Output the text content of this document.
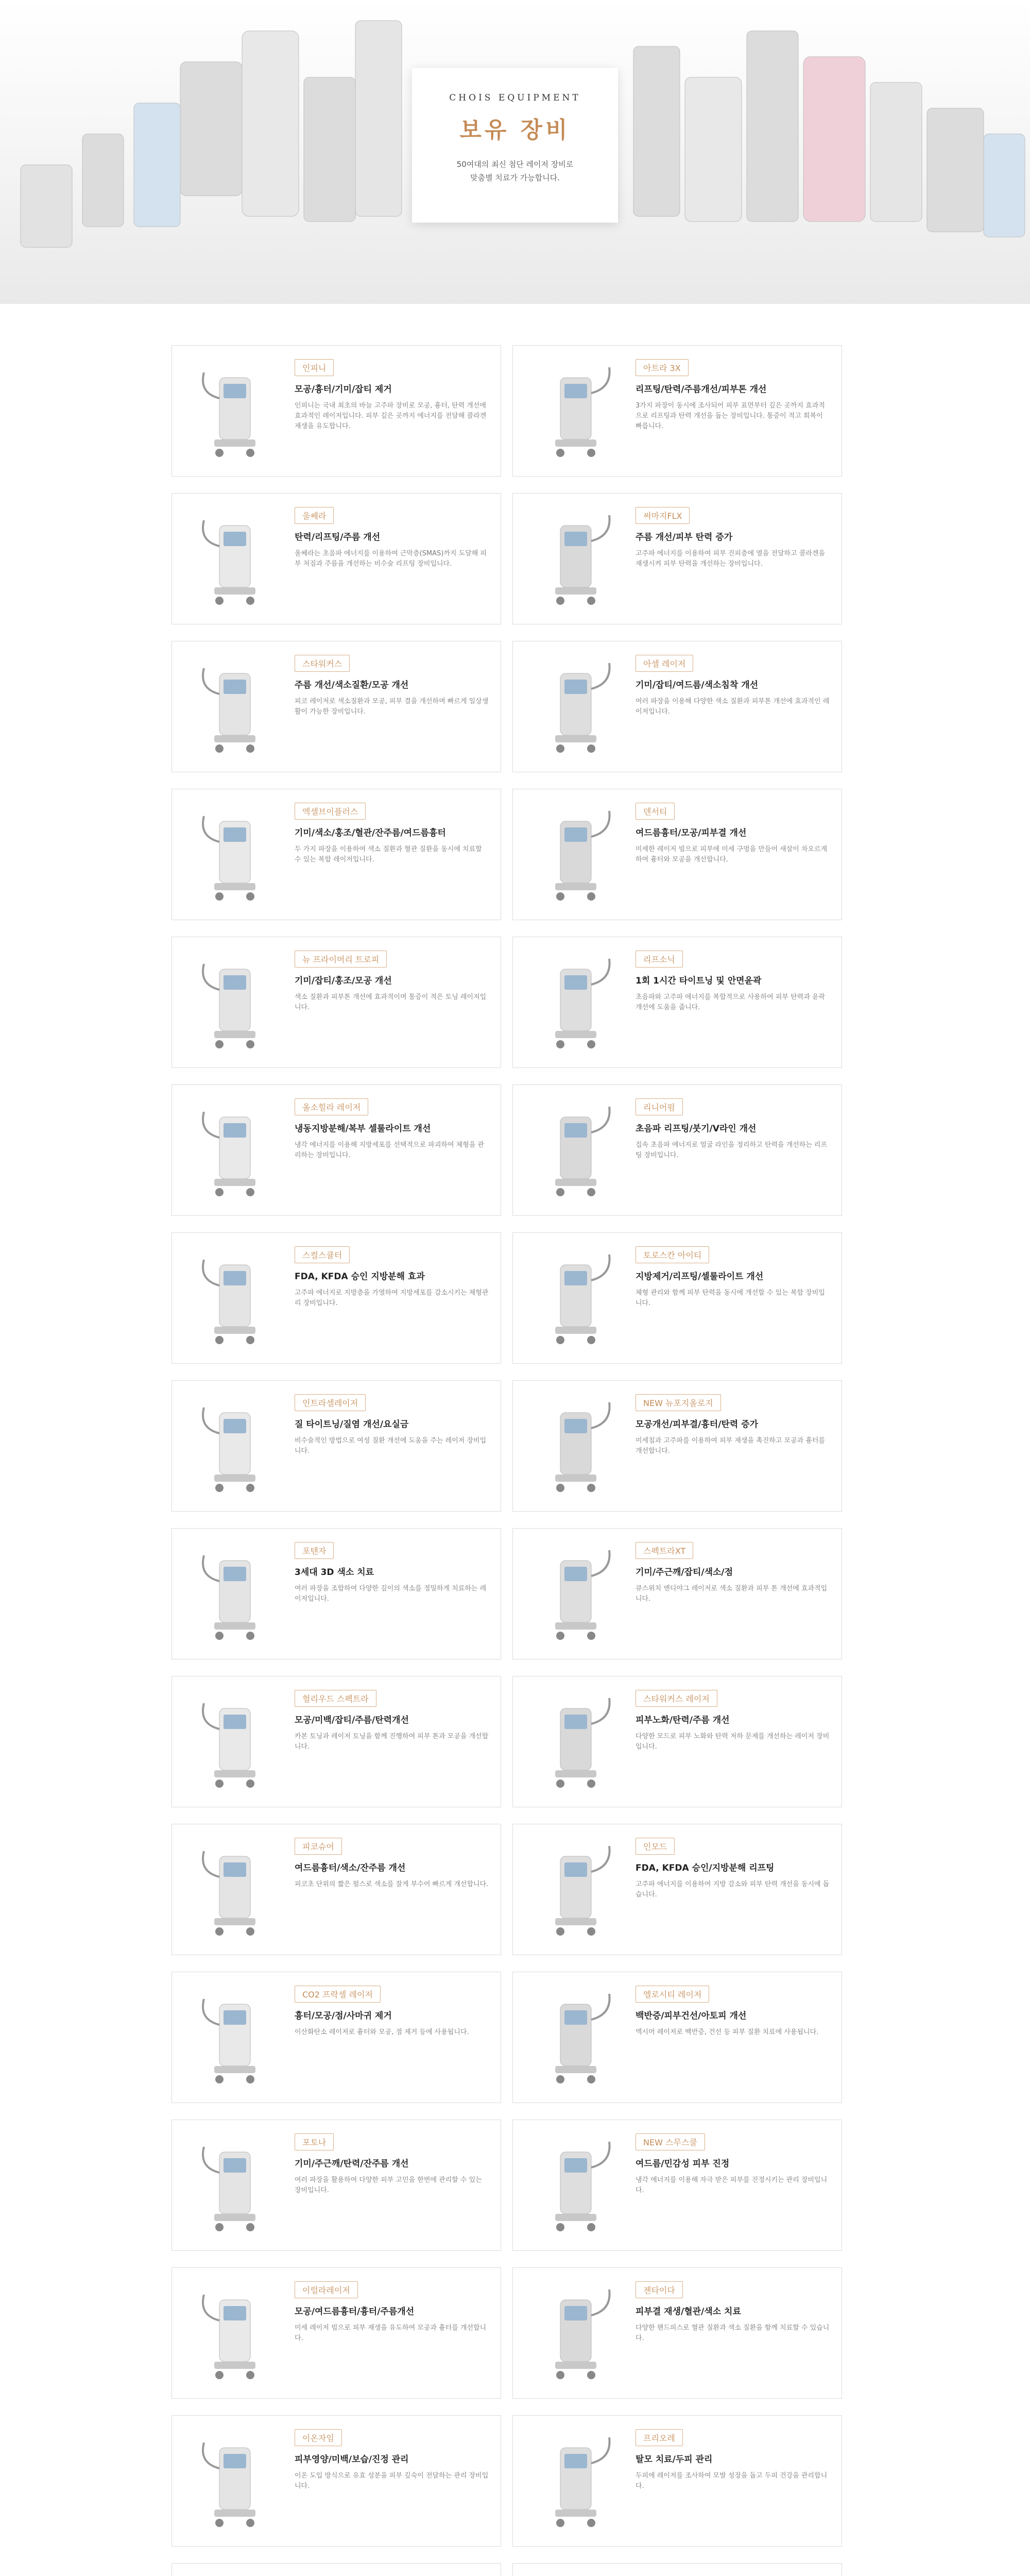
CHOIS EQUIPMENT
보유 장비
50여대의 최신 첨단 레이저 장비로
맞춤별 치료가 가능합니다.
인피니
모공/흉터/기미/잡티 제거
인피니는 국내 최초의 바늘 고주파 장비로 모공, 흉터, 탄력 개선에 효과적인 레이저입니다. 피부 깊은 곳까지 에너지를 전달해 콜라겐 재생을 유도합니다.
아트라 3X
리프팅/탄력/주름개선/피부톤 개선
3가지 파장이 동시에 조사되어 피부 표면부터 깊은 곳까지 효과적으로 리프팅과 탄력 개선을 돕는 장비입니다. 통증이 적고 회복이 빠릅니다.
울쎄라
탄력/리프팅/주름 개선
울쎄라는 초음파 에너지를 이용하여 근막층(SMAS)까지 도달해 피부 처짐과 주름을 개선하는 비수술 리프팅 장비입니다.
써마지FLX
주름 개선/피부 탄력 증가
고주파 에너지를 이용하여 피부 진피층에 열을 전달하고 콜라겐을 재생시켜 피부 탄력을 개선하는 장비입니다.
스타워커스
주름 개선/색소질환/모공 개선
피코 레이저로 색소질환과 모공, 피부 결을 개선하며 빠르게 일상생활이 가능한 장비입니다.
아셀 레이저
기미/잡티/여드름/색소침착 개선
여러 파장을 이용해 다양한 색소 질환과 피부톤 개선에 효과적인 레이저입니다.
엑셀브이플러스
기미/색소/홍조/혈관/잔주름/여드름흉터
두 가지 파장을 이용하여 색소 질환과 혈관 질환을 동시에 치료할 수 있는 복합 레이저입니다.
덴서티
여드름흉터/모공/피부결 개선
미세한 레이저 빔으로 피부에 미세 구멍을 만들어 새살이 차오르게 하여 흉터와 모공을 개선합니다.
뉴 프라이머리 트로피
기미/잡티/홍조/모공 개선
색소 질환과 피부톤 개선에 효과적이며 통증이 적은 토닝 레이저입니다.
리프소닉
1회 1시간 타이트닝 및 안면윤곽
초음파와 고주파 에너지를 복합적으로 사용하여 피부 탄력과 윤곽 개선에 도움을 줍니다.
올소힐라 레이저
냉동지방분해/복부 셀룰라이트 개선
냉각 에너지를 이용해 지방세포를 선택적으로 파괴하여 체형을 관리하는 장비입니다.
리니어펌
초음파 리프팅/붓기/V라인 개선
집속 초음파 에너지로 얼굴 라인을 정리하고 탄력을 개선하는 리프팅 장비입니다.
스컬스큘터
FDA, KFDA 승인 지방분해 효과
고주파 에너지로 지방층을 가열하여 지방세포를 감소시키는 체형관리 장비입니다.
토로스칸 아이티
지방제거/리프팅/셀룰라이트 개선
체형 관리와 함께 피부 탄력을 동시에 개선할 수 있는 복합 장비입니다.
인트라셀레이저
질 타이트닝/질염 개선/요실금
비수술적인 방법으로 여성 질환 개선에 도움을 주는 레이저 장비입니다.
NEW 뉴포지올로지
모공개선/피부결/흉터/탄력 증가
미세침과 고주파를 이용하여 피부 재생을 촉진하고 모공과 흉터를 개선합니다.
포텐자
3세대 3D 색소 치료
여러 파장을 조합하여 다양한 깊이의 색소를 정밀하게 치료하는 레이저입니다.
스펙트라XT
기미/주근깨/잡티/색소/점
큐스위치 엔디야그 레이저로 색소 질환과 피부 톤 개선에 효과적입니다.
헐리우드 스펙트라
모공/미백/잡티/주름/탄력개선
카본 토닝과 레이저 토닝을 함께 진행하여 피부 톤과 모공을 개선합니다.
스타워커스 레이저
피부노화/탄력/주름 개선
다양한 모드로 피부 노화와 탄력 저하 문제를 개선하는 레이저 장비입니다.
피코슈어
여드름흉터/색소/잔주름 개선
피코초 단위의 짧은 펄스로 색소를 잘게 부수어 빠르게 개선합니다.
인모드
FDA, KFDA 승인/지방분해 리프팅
고주파 에너지를 이용하여 지방 감소와 피부 탄력 개선을 동시에 돕습니다.
CO2 프락셀 레이저
흉터/모공/점/사마귀 제거
이산화탄소 레이저로 흉터와 모공, 점 제거 등에 사용됩니다.
엘로시티 레이저
백반증/피부건선/아토피 개선
엑시머 레이저로 백반증, 건선 등 피부 질환 치료에 사용됩니다.
포토나
기미/주근깨/탄력/잔주름 개선
여러 파장을 활용하여 다양한 피부 고민을 한번에 관리할 수 있는 장비입니다.
NEW 스무스쿨
여드름/민감성 피부 진정
냉각 에너지를 이용해 자극 받은 피부를 진정시키는 관리 장비입니다.
이럴라레이저
모공/여드름흉터/흉터/주름개선
미세 레이저 빔으로 피부 재생을 유도하여 모공과 흉터를 개선합니다.
젠타이다
피부결 재생/혈관/색소 치료
다양한 핸드피스로 혈관 질환과 색소 질환을 함께 치료할 수 있습니다.
이온자임
피부영양/미백/보습/진정 관리
이온 도입 방식으로 유효 성분을 피부 깊숙이 전달하는 관리 장비입니다.
프리오레
탈모 치료/두피 관리
두피에 레이저를 조사하여 모발 성장을 돕고 두피 건강을 관리합니다.
